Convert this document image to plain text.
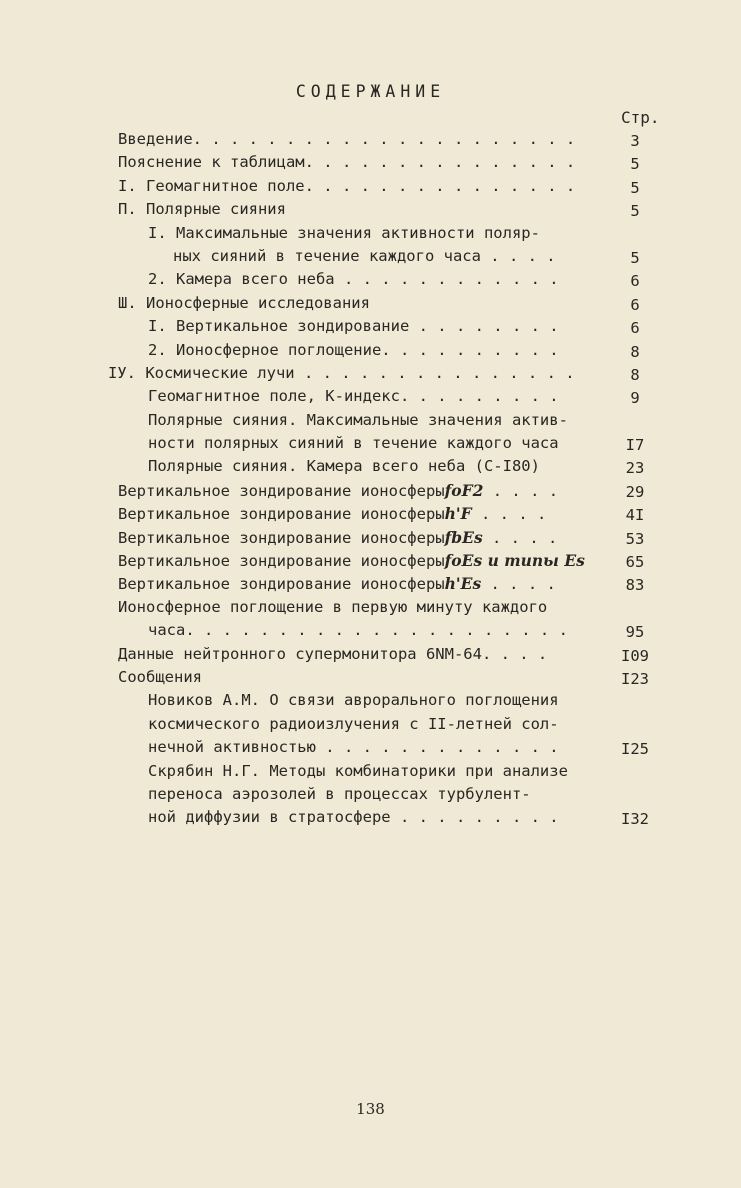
СОДЕРЖАНИЕ
Стр.
Введение. . . . . . . . . . . . . . . . . . . . .	3
Пояснение к таблицам. . . . . . . . . . . . . . .	5
I. Геомагнитное поле. . . . . . . . . . . . . . .	5
П. Полярные сияния	5
I. Максимальные значения активности поляр-
ных сияний в течение каждого часа . . . .	5
2. Камера всего неба . . . . . . . . . . . .	6
Ш. Ионосферные исследования	6
I. Вертикальное зондирование . . . . . . . .	6
2. Ионосферное поглощение. . . . . . . . . .	8
IУ. Космические лучи . . . . . . . . . . . . . . .	8
Геомагнитное поле, К-индекс. . . . . . . . .	9
Полярные сияния. Максимальные значения актив-
ности полярных сияний в течение каждого часа	I7
Полярные сияния. Камера всего неба (С-I80)	23
Вертикальное зондирование ионосферыfoF2 . . . .	29
Вертикальное зондирование ионосферыh'F . . . .	4I
Вертикальное зондирование ионосферыfbEs . . . .	53
Вертикальное зондирование ионосферыfoEs и типы Es	65
Вертикальное зондирование ионосферыh'Es . . . .	83
Ионосферное поглощение в первую минуту каждого
часа. . . . . . . . . . . . . . . . . . . . .	95
Данные нейтронного супермонитора 6NM-64. . . .	I09
Сообщения	I23
Новиков А.М. О связи аврорального поглощения
космического радиоизлучения с II-летней сол-
нечной активностью . . . . . . . . . . . . .	I25
Скрябин Н.Г. Методы комбинаторики при анализе
переноса аэрозолей в процессах турбулент-
ной диффузии в стратосфере . . . . . . . . .	I32
138
